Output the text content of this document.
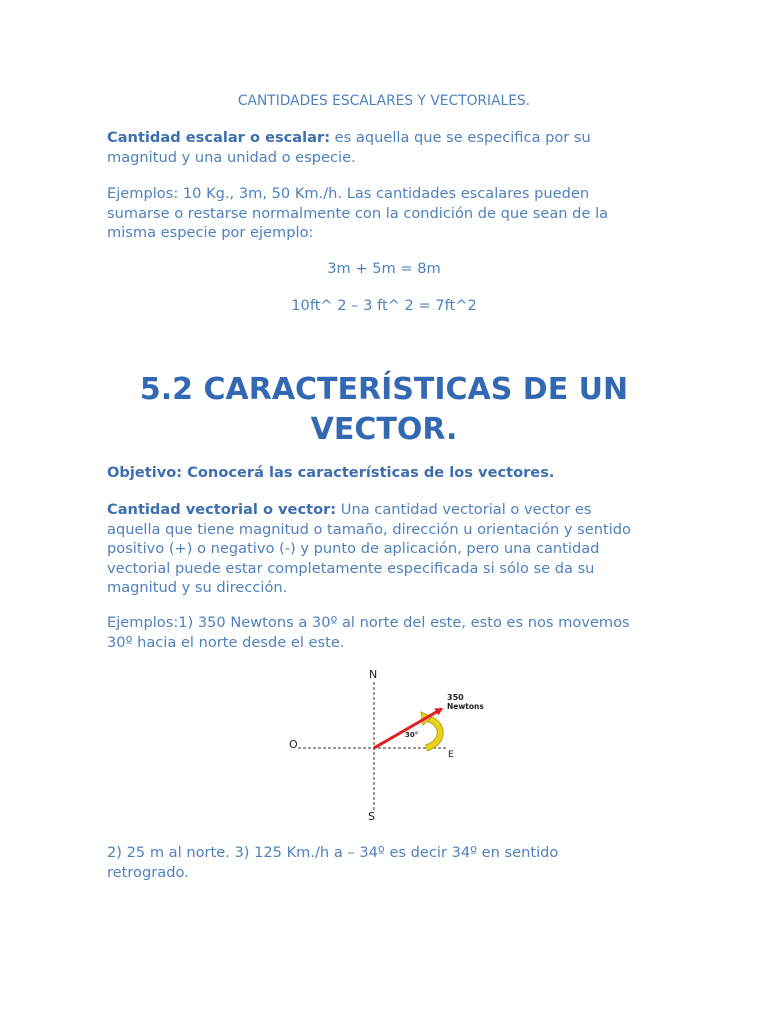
CANTIDADES ESCALARES Y VECTORIALES.

Cantidad escalar o escalar: es aquella que se especifica por su magnitud y una unidad o especie.

Ejemplos: 10 Kg., 3m, 50 Km./h. Las cantidades escalares pueden sumarse o restarse normalmente con la condición de que sean de la misma especie por ejemplo:

3m + 5m = 8m
10ft^ 2 – 3 ft^ 2 = 7ft^2
5.2 CARACTERÍSTICAS DE UN
VECTOR.

Objetivo: Conocerá las características de los vectores.

Cantidad vectorial o vector: Una cantidad vectorial o vector es aquella que tiene magnitud o tamaño, dirección u orientación y sentido positivo (+) o negativo (-) y punto de aplicación, pero una cantidad vectorial puede estar completamente especificada si sólo se da su magnitud y su dirección.

Ejemplos:1) 350 Newtons a 30º al norte del este, esto es nos movemos 30º hacia el norte desde el este.

N
S
O
E
30°
350
Newtons

2) 25 m al norte. 3) 125 Km./h a – 34º es decir 34º en sentido retrogrado.
